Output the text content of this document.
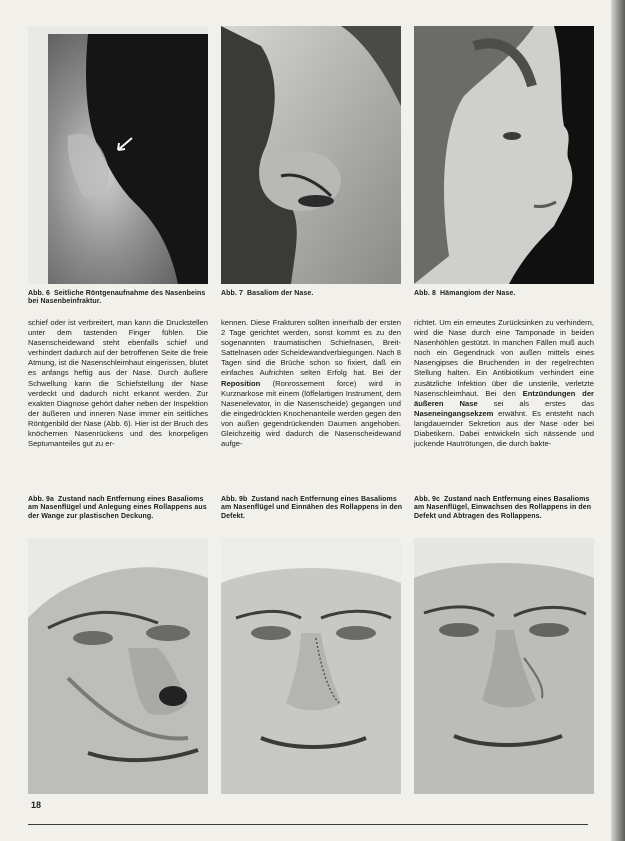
Abb. 6 Seitliche Röntgenaufnahme des Nasenbeins bei Nasenbeinfraktur.
Abb. 7 Basaliom der Nase.	Abb. 8 Hämangiom der Nase.
schief oder ist verbreitert, man kann die Druckstellen unter dem tastenden Finger fühlen. Die Nasenscheidewand steht ebenfalls schief und verhindert dadurch auf der betroffenen Seite die freie Atmung, ist die Nasenschleimhaut eingerissen, blutet es anfangs heftig aus der Nase. Durch äußere Schwellung kann die Schiefstellung der Nase verdeckt und dadurch nicht erkannt werden. Zur exakten Diagnose gehört daher neben der Inspektion der äußeren und inneren Nase immer ein seitliches Röntgenbild der Nase (Abb. 6). Hier ist der Bruch des knöchernen Nasenrückens und des knorpeligen Septumanteiles gut zu er-
kennen. Diese Frakturen sollten innerhalb der ersten 2 Tage gerichtet werden, sonst kommt es zu den sogenannten traumatischen Schiefnasen, Breit-Sattelnasen oder Scheidewandverbiegungen. Nach 8 Tagen sind die Brüche schon so fixiert, daß ein einfaches Aufrichten selten Erfolg hat. Bei der Reposition (Ronrossement force) wird in Kurznarkose mit einem (löffelartigen Instrument, dem Nasenelevator, in die Nasenscheide) gegangen und die eingedrückten Knochenanteile werden gegen den von außen gegendrückenden Daumen angehoben. Gleichzeitig wird dadurch die Nasenscheidewand aufge-
richtet. Um ein erneutes Zurücksinken zu verhindern, wird die Nase durch eine Tamponade in beiden Nasenhöhlen gestützt. In manchen Fällen muß auch noch ein Gegendruck von außen mittels eines Nasengipses die Bruchenden in der regelrechten Stellung halten. Ein Antibiotikum verhindert eine zusätzliche Infektion über die unsterile, verletzte Nasenschleimhaut. Bei den Entzündungen der äußeren Nase sei als erstes das Naseneingangsekzem erwähnt. Es entsteht nach langdauernder Sekretion aus der Nase oder bei Diabetikern. Dabei entwickeln sich nässende und juckende Hautrötungen, die durch bakte-
Abb. 9a Zustand nach Entfernung eines Basalioms am Nasenflügel und Anlegung eines Rollappens aus der Wange zur plastischen Deckung.
Abb. 9b Zustand nach Entfernung eines Basalioms am Nasenflügel und Einnähen des Rollappens in den Defekt.
Abb. 9c Zustand nach Entfernung eines Basalioms am Nasenflügel, Einwachsen des Rollappens in den Defekt und Abtragen des Rollappens.
18
